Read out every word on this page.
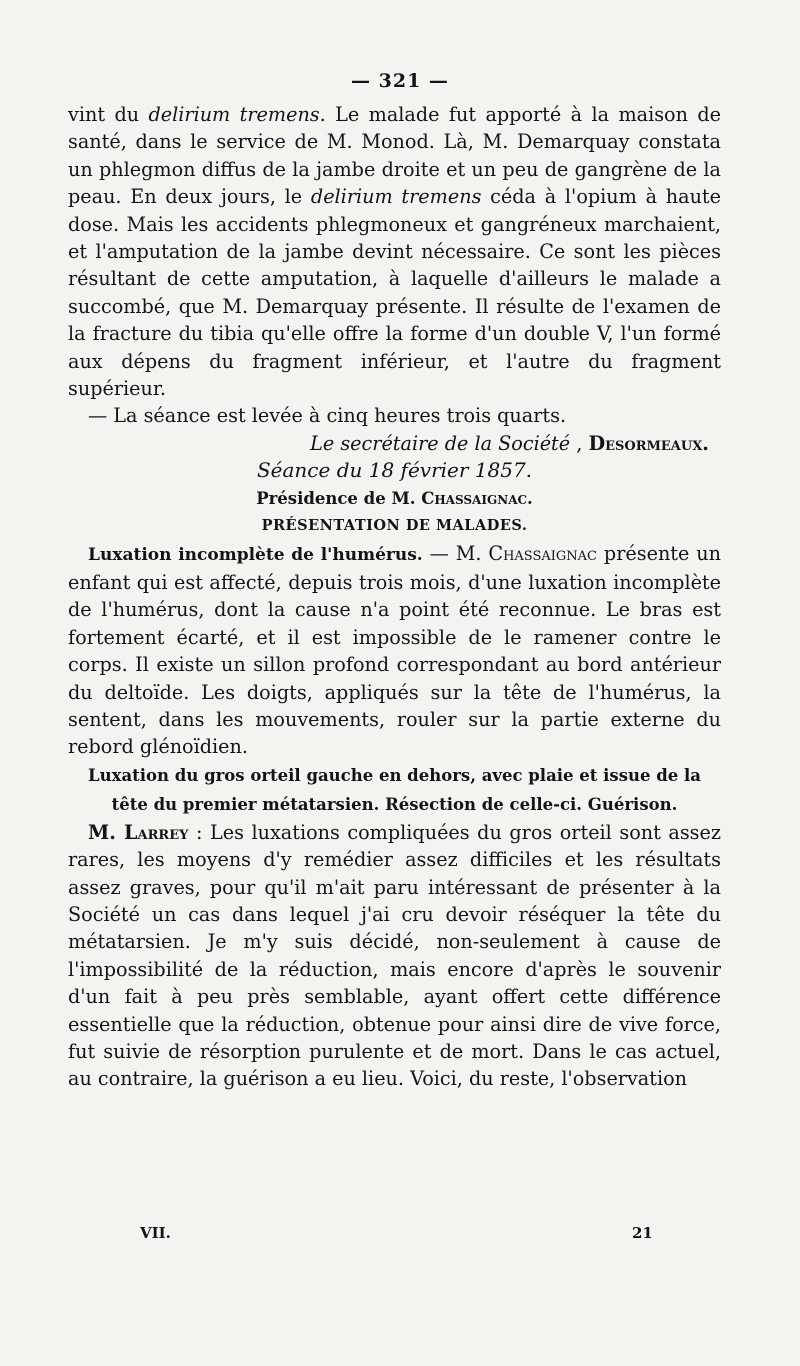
— 321 —

vint du delirium tremens. Le malade fut apporté à la maison de santé, dans le service de M. Monod. Là, M. Demarquay constata un phlegmon diffus de la jambe droite et un peu de gangrène de la peau. En deux jours, le delirium tremens céda à l'opium à haute dose. Mais les accidents phlegmoneux et gangréneux marchaient, et l'amputation de la jambe devint nécessaire. Ce sont les pièces résultant de cette amputation, à laquelle d'ailleurs le malade a succombé, que M. Demarquay présente. Il résulte de l'examen de la fracture du tibia qu'elle offre la forme d'un double V, l'un formé aux dépens du fragment inférieur, et l'autre du fragment supérieur.

— La séance est levée à cinq heures trois quarts.

Le secrétaire de la Société , Desormeaux.

Séance du 18 février 1857.

Présidence de M. Chassaignac.

PRÉSENTATION DE MALADES.

Luxation incomplète de l'humérus. — M. Chassaignac présente un enfant qui est affecté, depuis trois mois, d'une luxation incomplète de l'humérus, dont la cause n'a point été reconnue. Le bras est fortement écarté, et il est impossible de le ramener contre le corps. Il existe un sillon profond correspondant au bord antérieur du deltoïde. Les doigts, appliqués sur la tête de l'humérus, la sentent, dans les mouvements, rouler sur la partie externe du rebord glénoïdien.

Luxation du gros orteil gauche en dehors, avec plaie et issue de la tête du premier métatarsien. Résection de celle-ci. Guérison.

M. Larrey : Les luxations compliquées du gros orteil sont assez rares, les moyens d'y remédier assez difficiles et les résultats assez graves, pour qu'il m'ait paru intéressant de présenter à la Société un cas dans lequel j'ai cru devoir réséquer la tête du métatarsien. Je m'y suis décidé, non-seulement à cause de l'impossibilité de la réduction, mais encore d'après le souvenir d'un fait à peu près semblable, ayant offert cette différence essentielle que la réduction, obtenue pour ainsi dire de vive force, fut suivie de résorption purulente et de mort. Dans le cas actuel, au contraire, la guérison a eu lieu. Voici, du reste, l'observation

VII.	21
